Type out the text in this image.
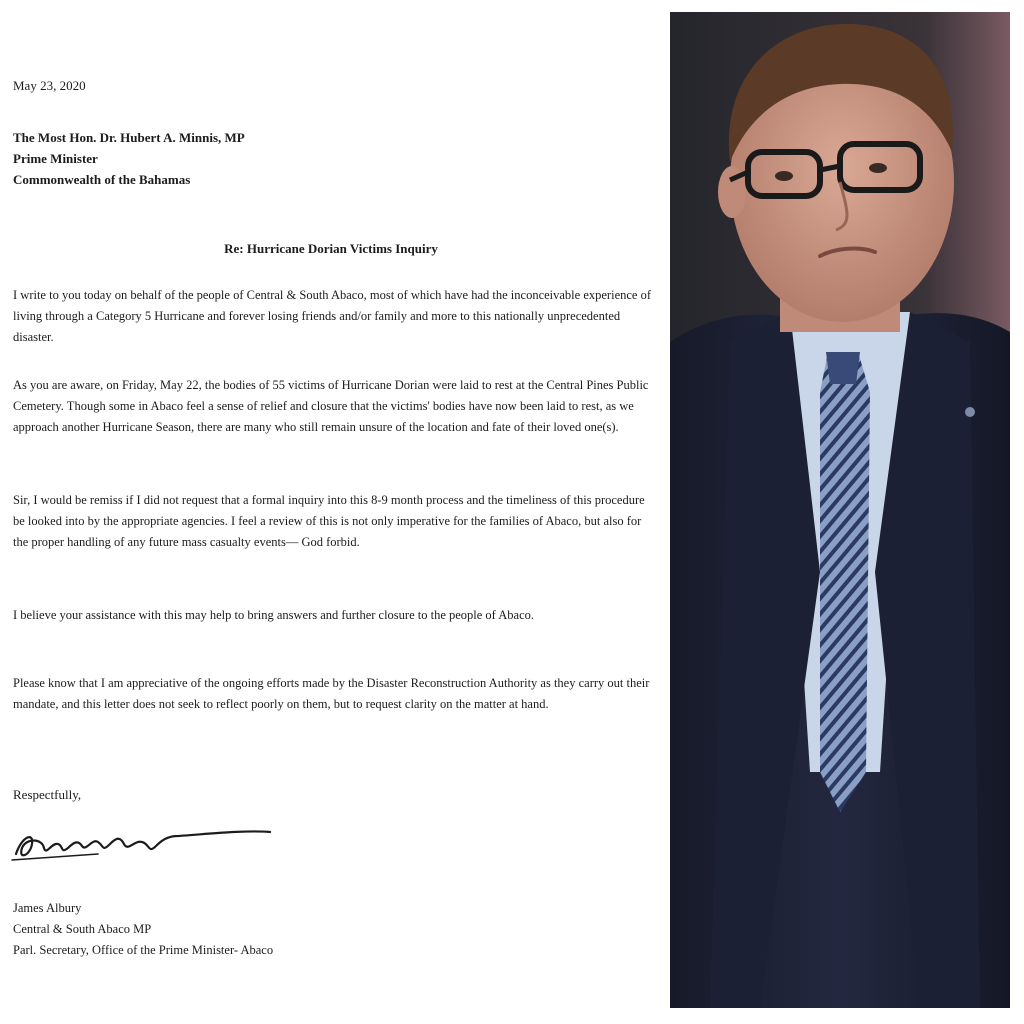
May 23, 2020

The Most Hon. Dr. Hubert A. Minnis, MP

Prime Minister

Commonwealth of the Bahamas

Re: Hurricane Dorian Victims Inquiry

I write to you today on behalf of the people of Central & South Abaco, most of which have had the inconceivable experience of living through a Category 5 Hurricane and forever losing friends and/or family and more to this nationally unprecedented disaster.

As you are aware, on Friday, May 22, the bodies of 55 victims of Hurricane Dorian were laid to rest at the Central Pines Public Cemetery. Though some in Abaco feel a sense of relief and closure that the victims' bodies have now been laid to rest, as we approach another Hurricane Season, there are many who still remain unsure of the location and fate of their loved one(s).

Sir, I would be remiss if I did not request that a formal inquiry into this 8-9 month process and the timeliness of this procedure be looked into by the appropriate agencies. I feel a review of this is not only imperative for the families of Abaco, but also for the proper handling of any future mass casualty events— God forbid.

I believe your assistance with this may help to bring answers and further closure to the people of Abaco.

Please know that I am appreciative of the ongoing efforts made by the Disaster Reconstruction Authority as they carry out their mandate, and this letter does not seek to reflect poorly on them, but to request clarity on the matter at hand.

Respectfully,

James Albury

Central & South Abaco MP

Parl. Secretary, Office of the Prime Minister- Abaco
